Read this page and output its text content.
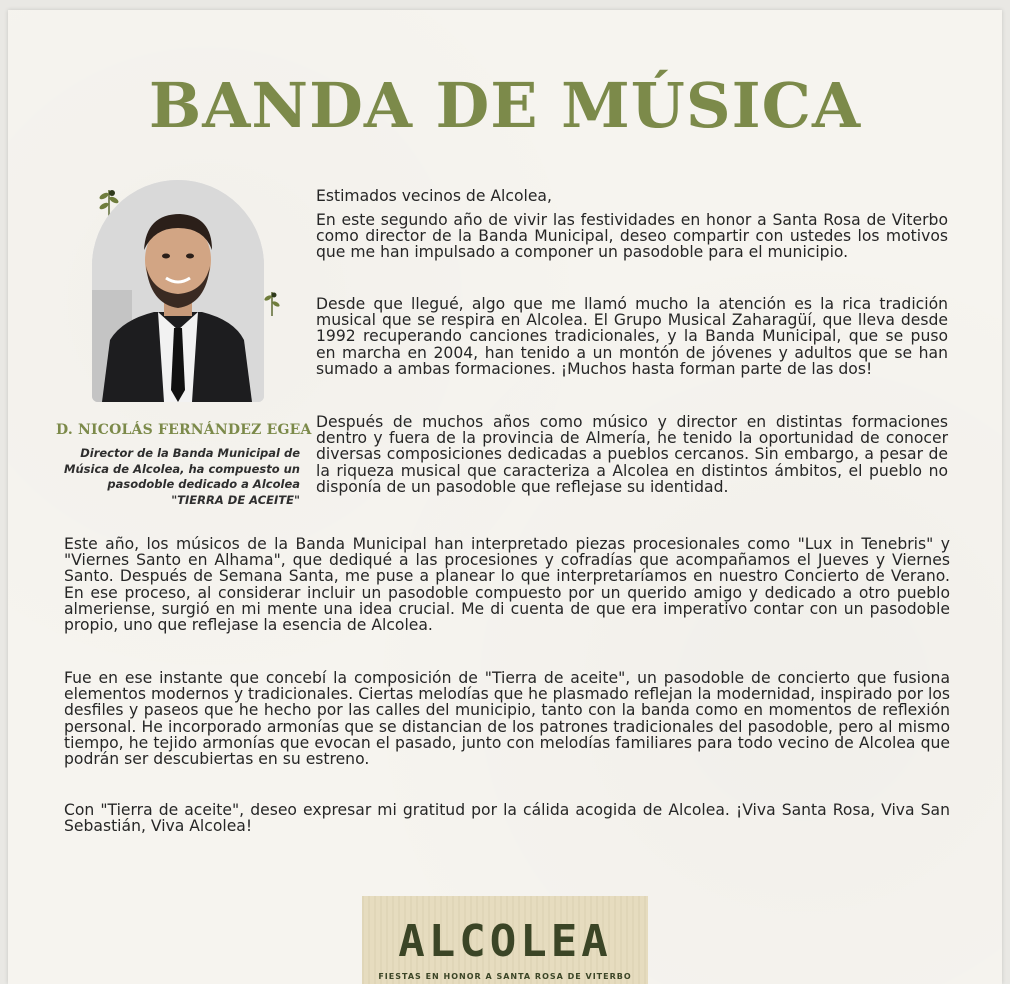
BANDA DE MÚSICA
D. NICOLÁS FERNÁNDEZ EGEA
Director de la Banda Municipal de Música de Alcolea, ha compuesto un pasodoble dedicado a Alcolea "TIERRA DE ACEITE"

Estimados vecinos de Alcolea,

En este segundo año de vivir las festividades en honor a Santa Rosa de Viterbo como director de la Banda Municipal, deseo compartir con ustedes los motivos que me han impulsado a componer un pasodoble para el municipio.

Desde que llegué, algo que me llamó mucho la atención es la rica tradición musical que se respira en Alcolea. El Grupo Musical Zaharagüí, que lleva desde 1992 recuperando canciones tradicionales, y la Banda Municipal, que se puso en marcha en 2004, han tenido a un montón de jóvenes y adultos que se han sumado a ambas formaciones. ¡Muchos hasta forman parte de las dos!

Después de muchos años como músico y director en distintas formaciones dentro y fuera de la provincia de Almería, he tenido la oportunidad de conocer diversas composiciones dedicadas a pueblos cercanos. Sin embargo, a pesar de la riqueza musical que caracteriza a Alcolea en distintos ámbitos, el pueblo no disponía de un pasodoble que reflejase su identidad.

Este año, los músicos de la Banda Municipal han interpretado piezas procesionales como "Lux in Tenebris" y "Viernes Santo en Alhama", que dediqué a las procesiones y cofradías que acompañamos el Jueves y Viernes Santo. Después de Semana Santa, me puse a planear lo que interpretaríamos en nuestro Concierto de Verano. En ese proceso, al considerar incluir un pasodoble compuesto por un querido amigo y dedicado a otro pueblo almeriense, surgió en mi mente una idea crucial. Me di cuenta de que era imperativo contar con un pasodoble propio, uno que reflejase la esencia de Alcolea.

Fue en ese instante que concebí la composición de "Tierra de aceite", un pasodoble de concierto que fusiona elementos modernos y tradicionales. Ciertas melodías que he plasmado reflejan la modernidad, inspirado por los desfiles y paseos que he hecho por las calles del municipio, tanto con la banda como en momentos de reflexión personal. He incorporado armonías que se distancian de los patrones tradicionales del pasodoble, pero al mismo tiempo, he tejido armonías que evocan el pasado, junto con melodías familiares para todo vecino de Alcolea que podrán ser descubiertas en su estreno.

Con "Tierra de aceite", deseo expresar mi gratitud por la cálida acogida de Alcolea. ¡Viva Santa Rosa, Viva San Sebastián, Viva Alcolea!

ALCOLEA
FIESTAS EN HONOR A SANTA ROSA DE VITERBO
